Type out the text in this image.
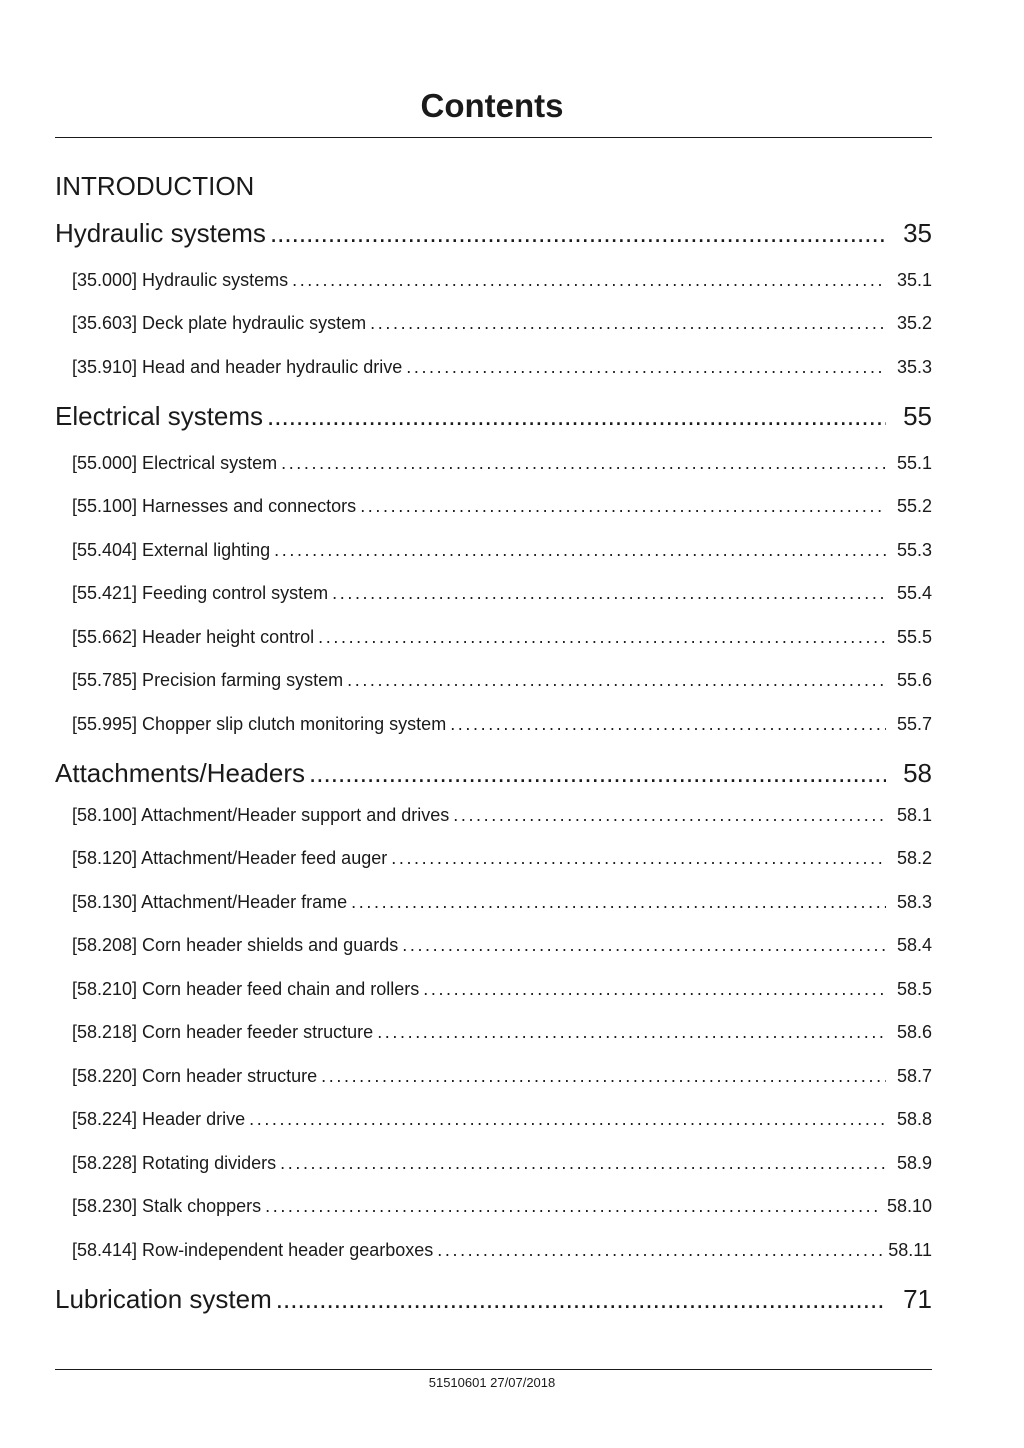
Contents
INTRODUCTION
Hydraulic systems . . .	35
[35.000] Hydraulic systems . . .	35.1
[35.603] Deck plate hydraulic system . . .	35.2
[35.910] Head and header hydraulic drive . . .	35.3
Electrical systems . . .	55
[55.000] Electrical system . . .	55.1
[55.100] Harnesses and connectors . . .	55.2
[55.404] External lighting . . .	55.3
[55.421] Feeding control system . . .	55.4
[55.662] Header height control . . .	55.5
[55.785] Precision farming system . . .	55.6
[55.995] Chopper slip clutch monitoring system . . .	55.7
Attachments/Headers . . .	58
[58.100] Attachment/Header support and drives . . .	58.1
[58.120] Attachment/Header feed auger . . .	58.2
[58.130] Attachment/Header frame . . .	58.3
[58.208] Corn header shields and guards . . .	58.4
[58.210] Corn header feed chain and rollers . . .	58.5
[58.218] Corn header feeder structure . . .	58.6
[58.220] Corn header structure . . .	58.7
[58.224] Header drive . . .	58.8
[58.228] Rotating dividers . . .	58.9
[58.230] Stalk choppers . . .	58.10
[58.414] Row-independent header gearboxes . . .	58.11
Lubrication system . . .	71
51510601 27/07/2018
